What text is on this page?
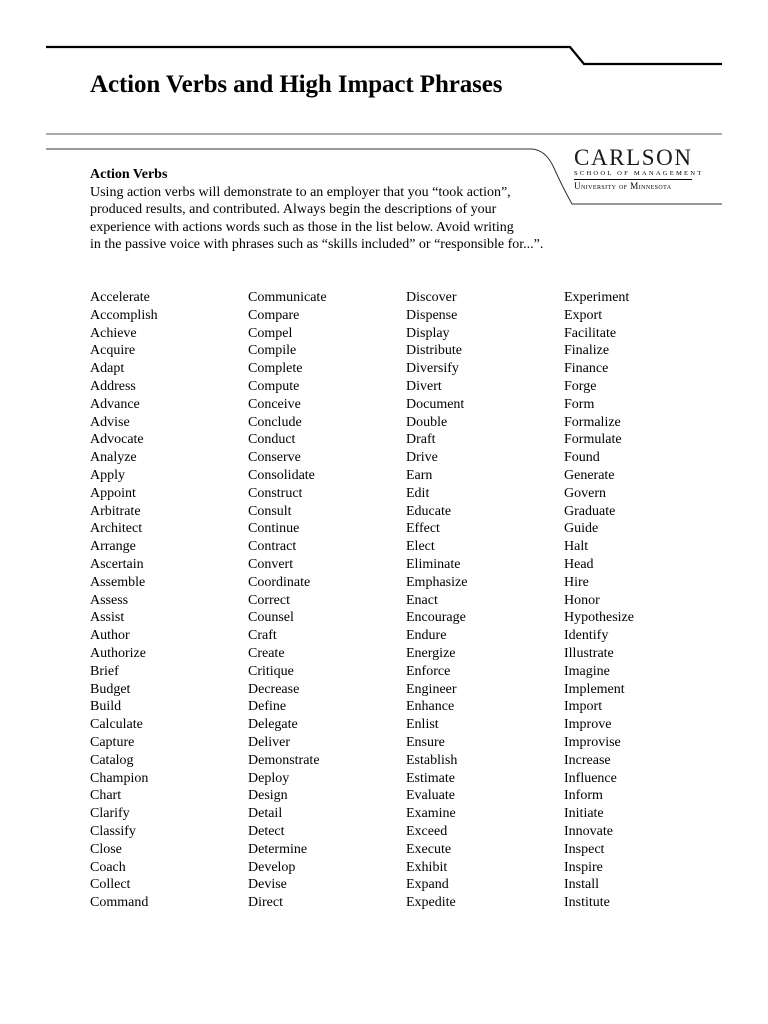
Action Verbs and High Impact Phrases
CARLSON
SCHOOL OF MANAGEMENT
University of Minnesota
Action Verbs

Using action verbs will demonstrate to an employer that you “took action”,

produced results, and contributed. Always begin the descriptions of your

experience with actions words such as those in the list below. Avoid writing

in the passive voice with phrases such as “skills included” or “responsible for...”.

Accelerate
Accomplish
Achieve
Acquire
Adapt
Address
Advance
Advise
Advocate
Analyze
Apply
Appoint
Arbitrate
Architect
Arrange
Ascertain
Assemble
Assess
Assist
Author
Authorize
Brief
Budget
Build
Calculate
Capture
Catalog
Champion
Chart
Clarify
Classify
Close
Coach
Collect
Command
Communicate
Compare
Compel
Compile
Complete
Compute
Conceive
Conclude
Conduct
Conserve
Consolidate
Construct
Consult
Continue
Contract
Convert
Coordinate
Correct
Counsel
Craft
Create
Critique
Decrease
Define
Delegate
Deliver
Demonstrate
Deploy
Design
Detail
Detect
Determine
Develop
Devise
Direct
Discover
Dispense
Display
Distribute
Diversify
Divert
Document
Double
Draft
Drive
Earn
Edit
Educate
Effect
Elect
Eliminate
Emphasize
Enact
Encourage
Endure
Energize
Enforce
Engineer
Enhance
Enlist
Ensure
Establish
Estimate
Evaluate
Examine
Exceed
Execute
Exhibit
Expand
Expedite
Experiment
Export
Facilitate
Finalize
Finance
Forge
Form
Formalize
Formulate
Found
Generate
Govern
Graduate
Guide
Halt
Head
Hire
Honor
Hypothesize
Identify
Illustrate
Imagine
Implement
Import
Improve
Improvise
Increase
Influence
Inform
Initiate
Innovate
Inspect
Inspire
Install
Institute
